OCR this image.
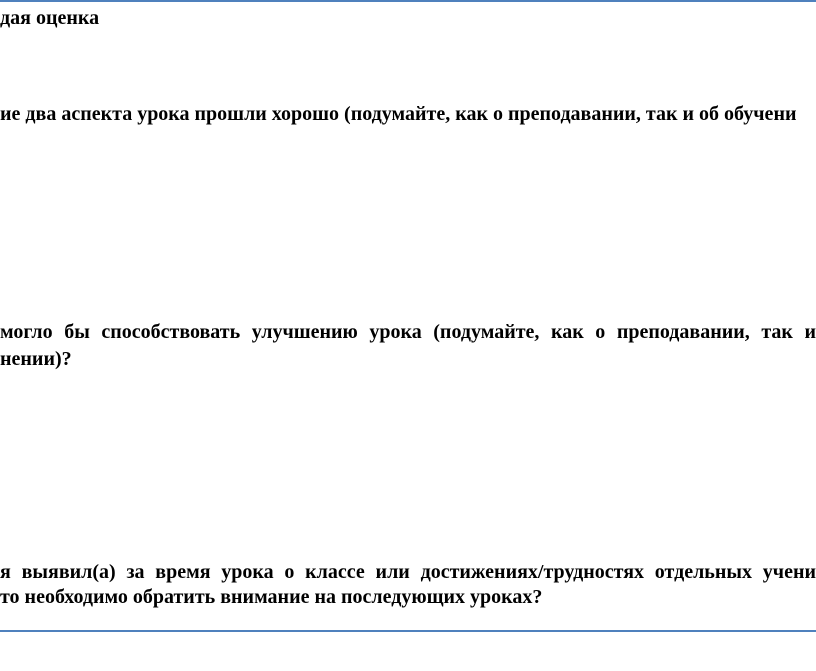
дая оценка

ие два аспекта урока прошли хорошо (подумайте, как о преподавании, так и об обучени

могло бы способствовать улучшению урока (подумайте, как о преподавании, так и

нении)?

я выявил(а) за время урока о классе или достижениях/трудностях отдельных учени

то необходимо обратить внимание на последующих уроках?
